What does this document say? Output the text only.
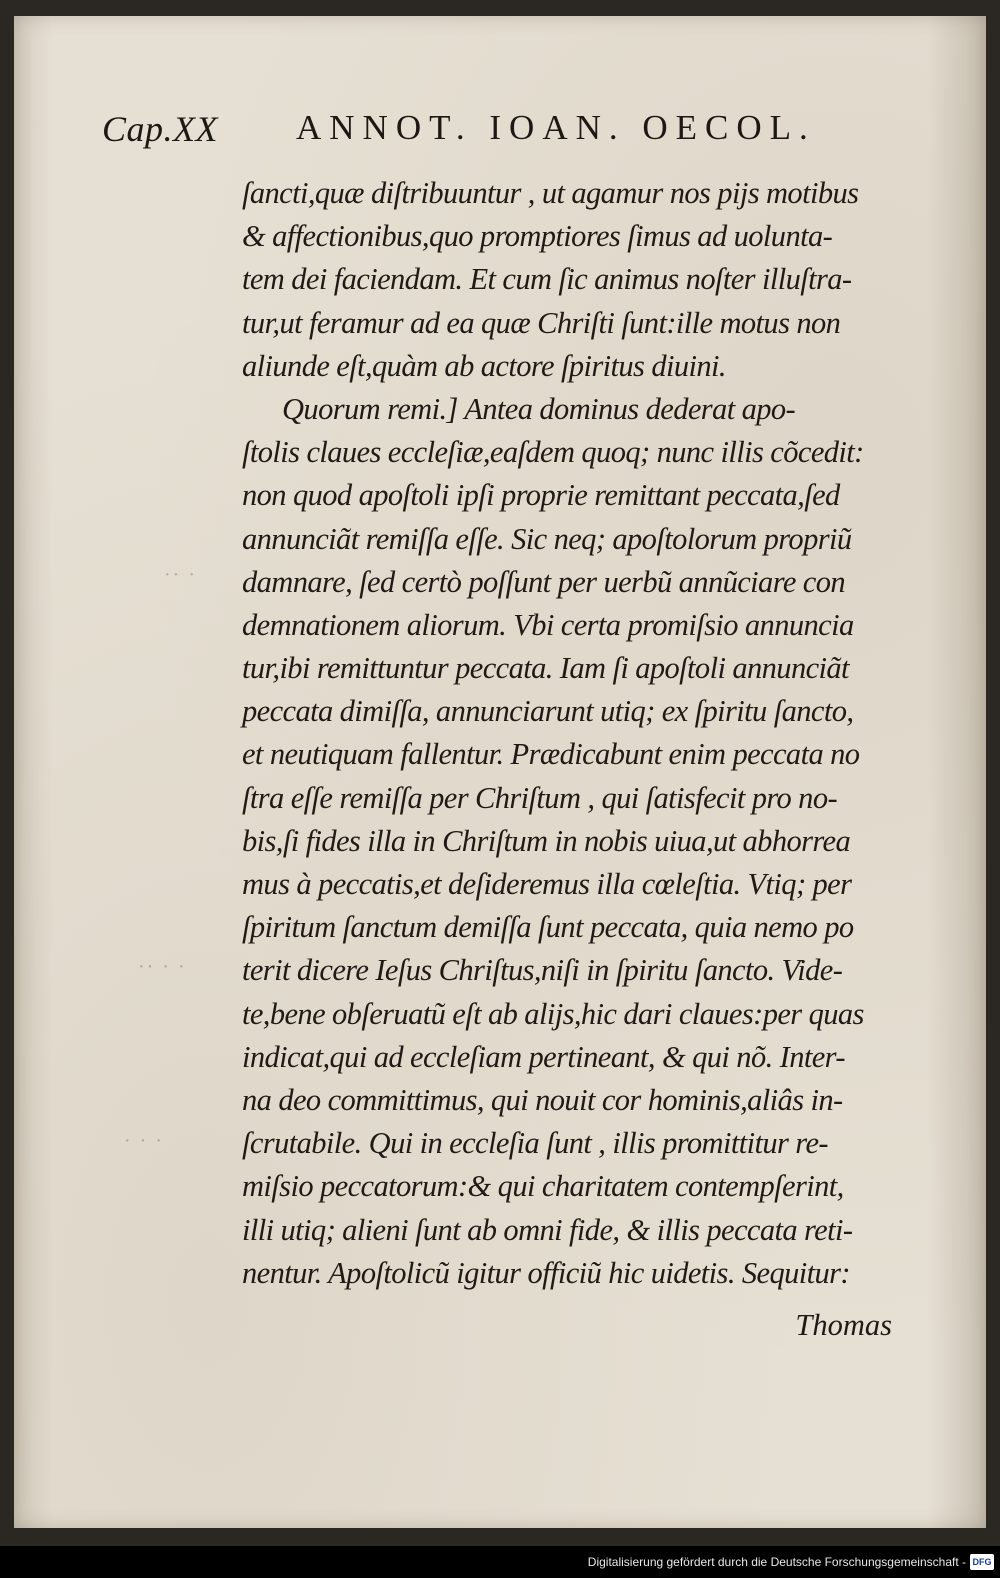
Cap.XX ANNOT. IOAN. OECOL.
·· ·
·· · ·
· · ·
ſancti,quæ diſtribuuntur , ut agamur nos pijs motibus
& affectionibus,quo promptiores ſimus ad uolunta-
tem dei faciendam. Et cum ſic animus noſter illuſtra-
tur,ut feramur ad ea quæ Chriſti ſunt:ille motus non
aliunde eſt,quàm ab actore ſpiritus diuini.
Quorum remi.] Antea dominus dederat apo-
ſtolis claues eccleſiæ,eaſdem quoq; nunc illis cõcedit:
non quod apoſtoli ipſi proprie remittant peccata,ſed
annunciãt remiſſa eſſe. Sic neq; apoſtolorum propriũ
damnare, ſed certò poſſunt per uerbũ annũciare con
demnationem aliorum. Vbi certa promiſsio annuncia
tur,ibi remittuntur peccata. Iam ſi apoſtoli annunciãt
peccata dimiſſa, annunciarunt utiq; ex ſpiritu ſancto,
et neutiquam fallentur. Prædicabunt enim peccata no
ſtra eſſe remiſſa per Chriſtum , qui ſatisfecit pro no-
bis,ſi fides illa in Chriſtum in nobis uiua,ut abhorrea
mus à peccatis,et deſideremus illa cœleſtia. Vtiq; per
ſpiritum ſanctum demiſſa ſunt peccata, quia nemo po
terit dicere Ieſus Chriſtus,niſi in ſpiritu ſancto. Vide-
te,bene obſeruatũ eſt ab alijs,hic dari claues:per quas
indicat,qui ad eccleſiam pertineant, & qui nõ. Inter-
na deo committimus, qui nouit cor hominis,aliâs in-
ſcrutabile. Qui in eccleſia ſunt , illis promittitur re-
miſsio peccatorum:& qui charitatem contempſerint,
illi utiq; alieni ſunt ab omni fide, & illis peccata reti-
nentur. Apoſtolicũ igitur officiũ hic uidetis. Sequitur:
Thomas
Digitalisierung gefördert durch die Deutsche Forschungsgemeinschaft - DFG
